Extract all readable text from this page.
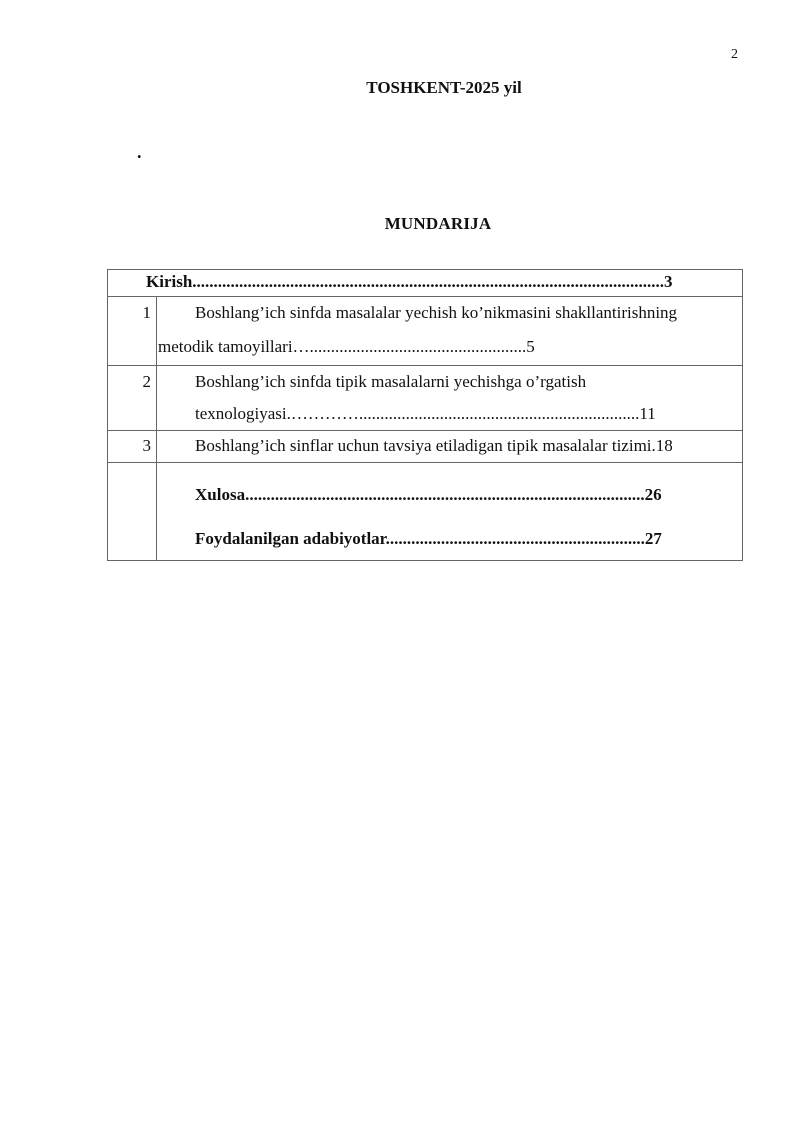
2
TOSHKENT-2025 yil
.
MUNDARIJA
Kirish...............................................................................................................3
1	Boshlang’ich sinfda masalalar yechish ko’nikmasini shakllantirishning
metodik tamoyillari…...................................................5
2	Boshlang’ich sinfda tipik masalalarni yechishga o’rgatish
texnologiyasi.…………..................................................................11
3	Boshlang’ich sinflar uchun tavsiya etiladigan tipik masalalar tizimi.18
Xulosa..............................................................................................26
Foydalanilgan adabiyotlar.............................................................27
